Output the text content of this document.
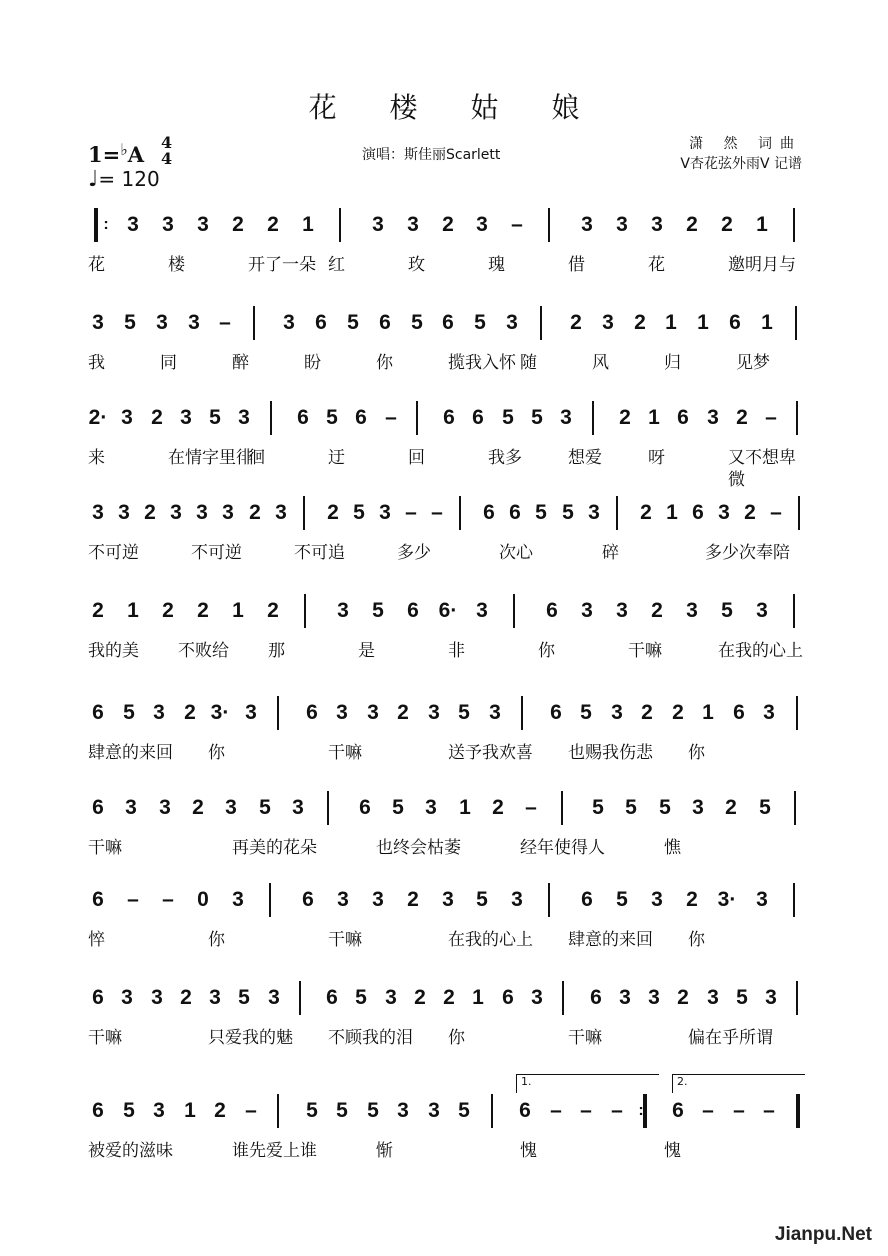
花 楼 姑 娘
1=♭A 4
4
♩= 120
演唱：斯佳丽Scarlett
潇 然 词曲
V杏花弦外雨V 记谱
: 3 3 3 2 2 1	3 3 2 3 –	3 3 3 2 2 1
花	楼	开了一朵 红	玫	瑰	借	花	邀明月与
3 5 3 3 – 3 6 5 6 5 6 5 3 2 3 2 1 1 6 1
我	同	醉	盼	你	揽我入怀 随	风	归	见梦
2· 3 2 3 5 3 6 5 6 – 6 6 5 5 3 2 1 6 3 2 –
来	在情字里徘
徊	迂	回	我多	想爱	呀	又不想卑微
3 3 2 3 3 3 2 3 2 5 3 – – 6 6 5 5 3 2 1 6 3 2 –
不可逆	不可逆	不可追	多少	次心	碎	多少次奉陪
2 1 2 2 1 2	3 5 6 6· 3	6 3 3 2 3 5 3
我的美 不败给 那	是	非	你	干嘛	在我的心上
6 5 3 2 3· 3 6 3 3 2 3 5 3 6 5 3 2 2 1 6 3
肆意的来回 你	干嘛	送予我欢喜 也赐我伤悲 你
6 3 3 2 3 5 3	6 5 3 1 2 –	5 5 5 3 2 5
干嘛	再美的花朵	也终会枯萎	经年使得人	憔
6 – – 0 3	6 3 3 2 3 5 3	6 5 3 2 3· 3
悴	你	干嘛	在我的心上 肆意的来回 你
6 3 3 2 3 5 3 6 5 3 2 2 1 6 3 6 3 3 2 3 5 3
干嘛	只爱我的魅 不顾我的泪 你	干嘛	偏在乎所谓
6 5 3 1 2 – 5 5 5 3 3 5 6 – – – :	6 – – –
1.	2.
被爱的滋味	谁先爱上谁	惭	愧	愧
Jianpu.Net
